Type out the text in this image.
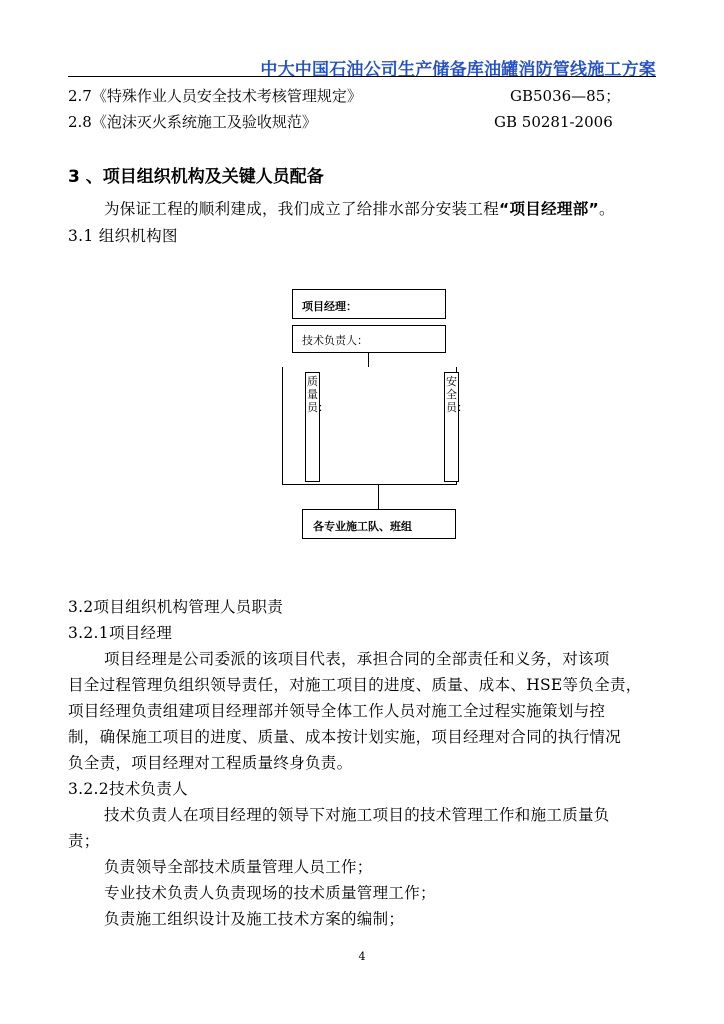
中大中国石油公司生产储备库油罐消防管线施工方案
2.7《特殊作业人员安全技术考核管理规定》	GB5036—85；
2.8《泡沫灭火系统施工及验收规范》	GB 50281-2006
3 、项目组织机构及关键人员配备
为保证工程的顺利建成，我们成立了给排水部分安装工程“项目经理部”。
3.1 组织机构图
项目经理：
技术负责人：
质量员：
安全员：
各专业施工队、班组
3.2项目组织机构管理人员职责
3.2.1项目经理
项目经理是公司委派的该项目代表，承担合同的全部责任和义务，对该项
目全过程管理负组织领导责任，对施工项目的进度、质量、成本、HSE等负全责，
项目经理负责组建项目经理部并领导全体工作人员对施工全过程实施策划与控
制，确保施工项目的进度、质量、成本按计划实施，项目经理对合同的执行情况
负全责，项目经理对工程质量终身负责。
3.2.2技术负责人
技术负责人在项目经理的领导下对施工项目的技术管理工作和施工质量负
责；
负责领导全部技术质量管理人员工作；
专业技术负责人负责现场的技术质量管理工作；
负责施工组织设计及施工技术方案的编制；
4
